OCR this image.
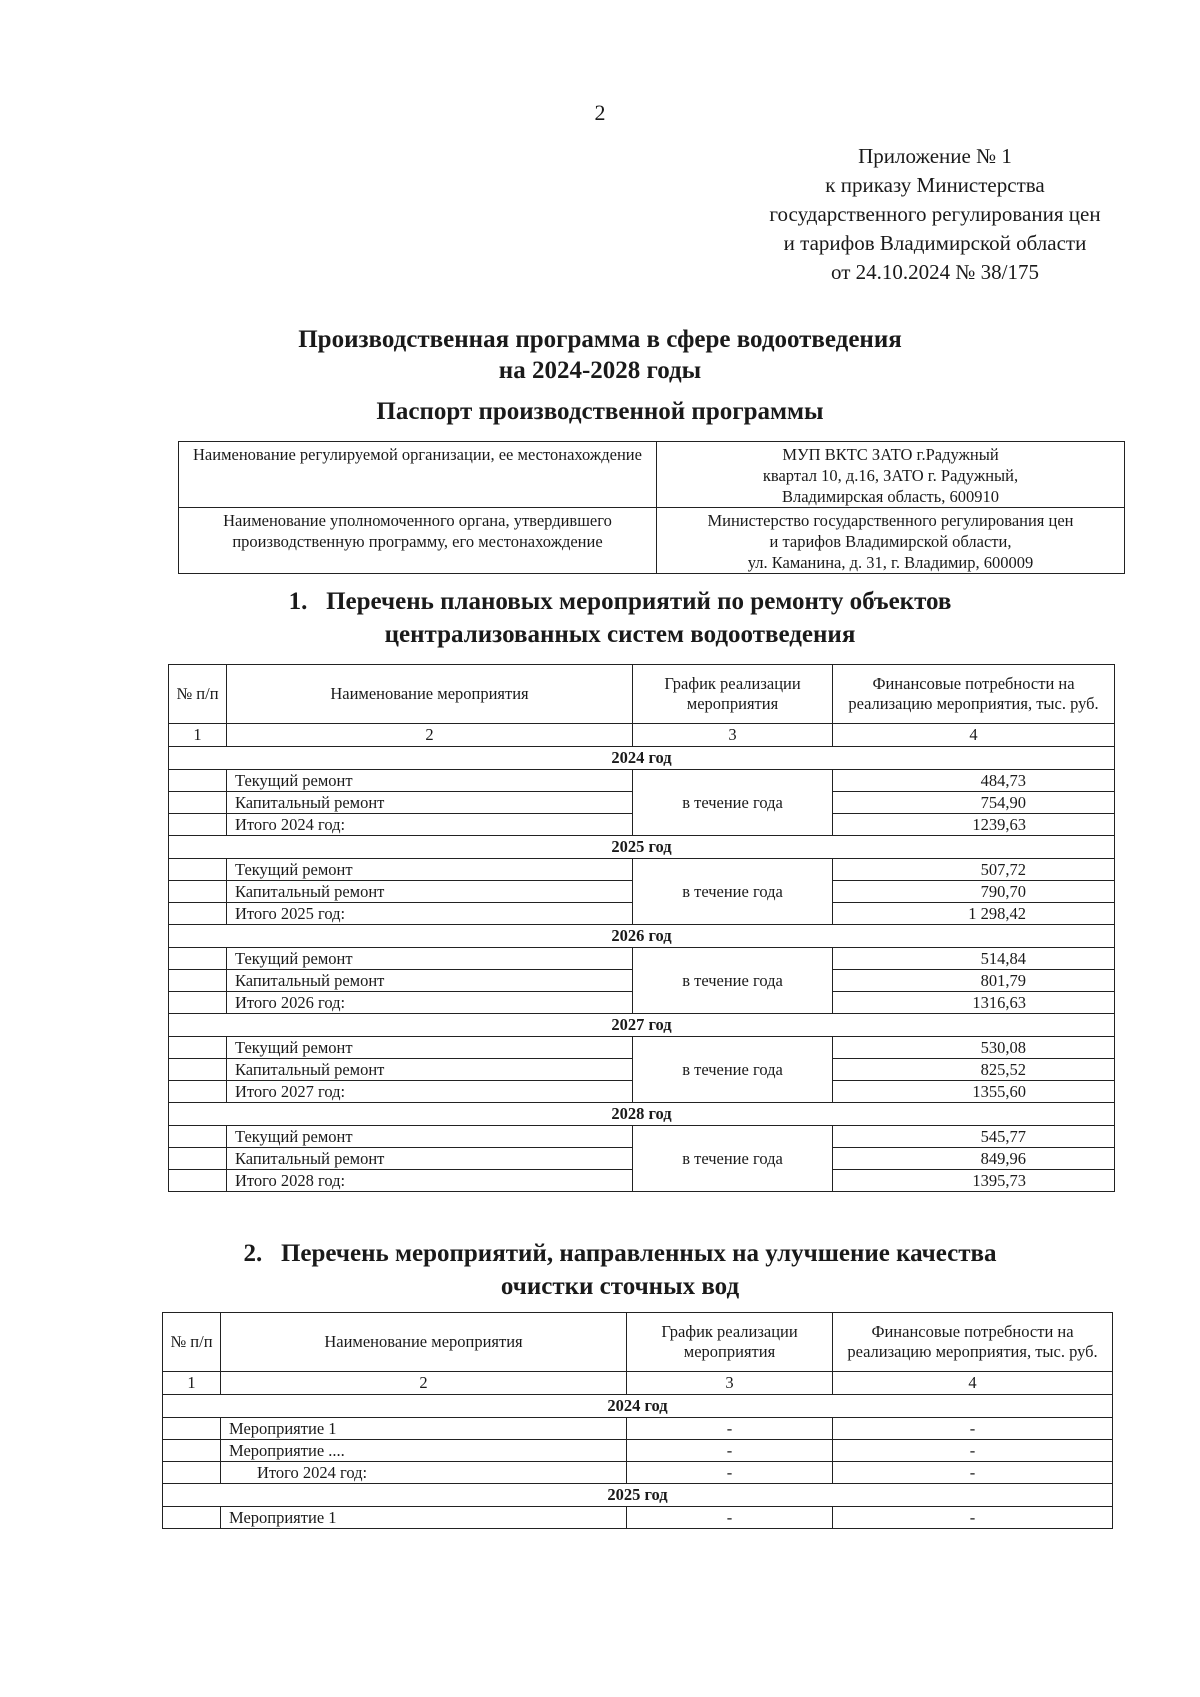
2
Приложение № 1
к приказу Министерства
государственного регулирования цен
и тарифов Владимирской области
от 24.10.2024 № 38/175
Производственная программа в сфере водоотведения
на 2024-2028 годы
Паспорт производственной программы
Наименование регулируемой организации, ее местонахождение	МУП ВКТС ЗАТО г.Радужный
квартал 10, д.16, ЗАТО г. Радужный,
Владимирская область, 600910

Наименование уполномоченного органа, утвердившего производственную программу, его местонахождение	Министерство государственного регулирования цен
и тарифов Владимирской области,
ул. Каманина, д. 31, г. Владимир, 600009
1. Перечень плановых мероприятий по ремонту объектов
централизованных систем водоотведения
№ п/п	Наименование мероприятия	График реализации мероприятия	Финансовые потребности на реализацию мероприятия, тыс. руб.
1	2	3	4
2024 год			
	Текущий ремонт	в течение года	484,73
	Капитальный ремонт		754,90
	Итого 2024 год:		1239,63
2025 год			
	Текущий ремонт	в течение года	507,72
	Капитальный ремонт		790,70
	Итого 2025 год:		1 298,42
2026 год			
	Текущий ремонт	в течение года	514,84
	Капитальный ремонт		801,79
	Итого 2026 год:		1316,63
2027 год			
	Текущий ремонт	в течение года	530,08
	Капитальный ремонт		825,52
	Итого 2027 год:		1355,60
2028 год			
	Текущий ремонт	в течение года	545,77
	Капитальный ремонт		849,96
	Итого 2028 год:		1395,73
2. Перечень мероприятий, направленных на улучшение качества
очистки сточных вод
№ п/п	Наименование мероприятия	График реализации мероприятия	Финансовые потребности на реализацию мероприятия, тыс. руб.
1	2	3	4
2024 год			
	Мероприятие 1	-	-
	Мероприятие ....	-	-
	Итого 2024 год:	-	-
2025 год			
	Мероприятие 1	-	-
